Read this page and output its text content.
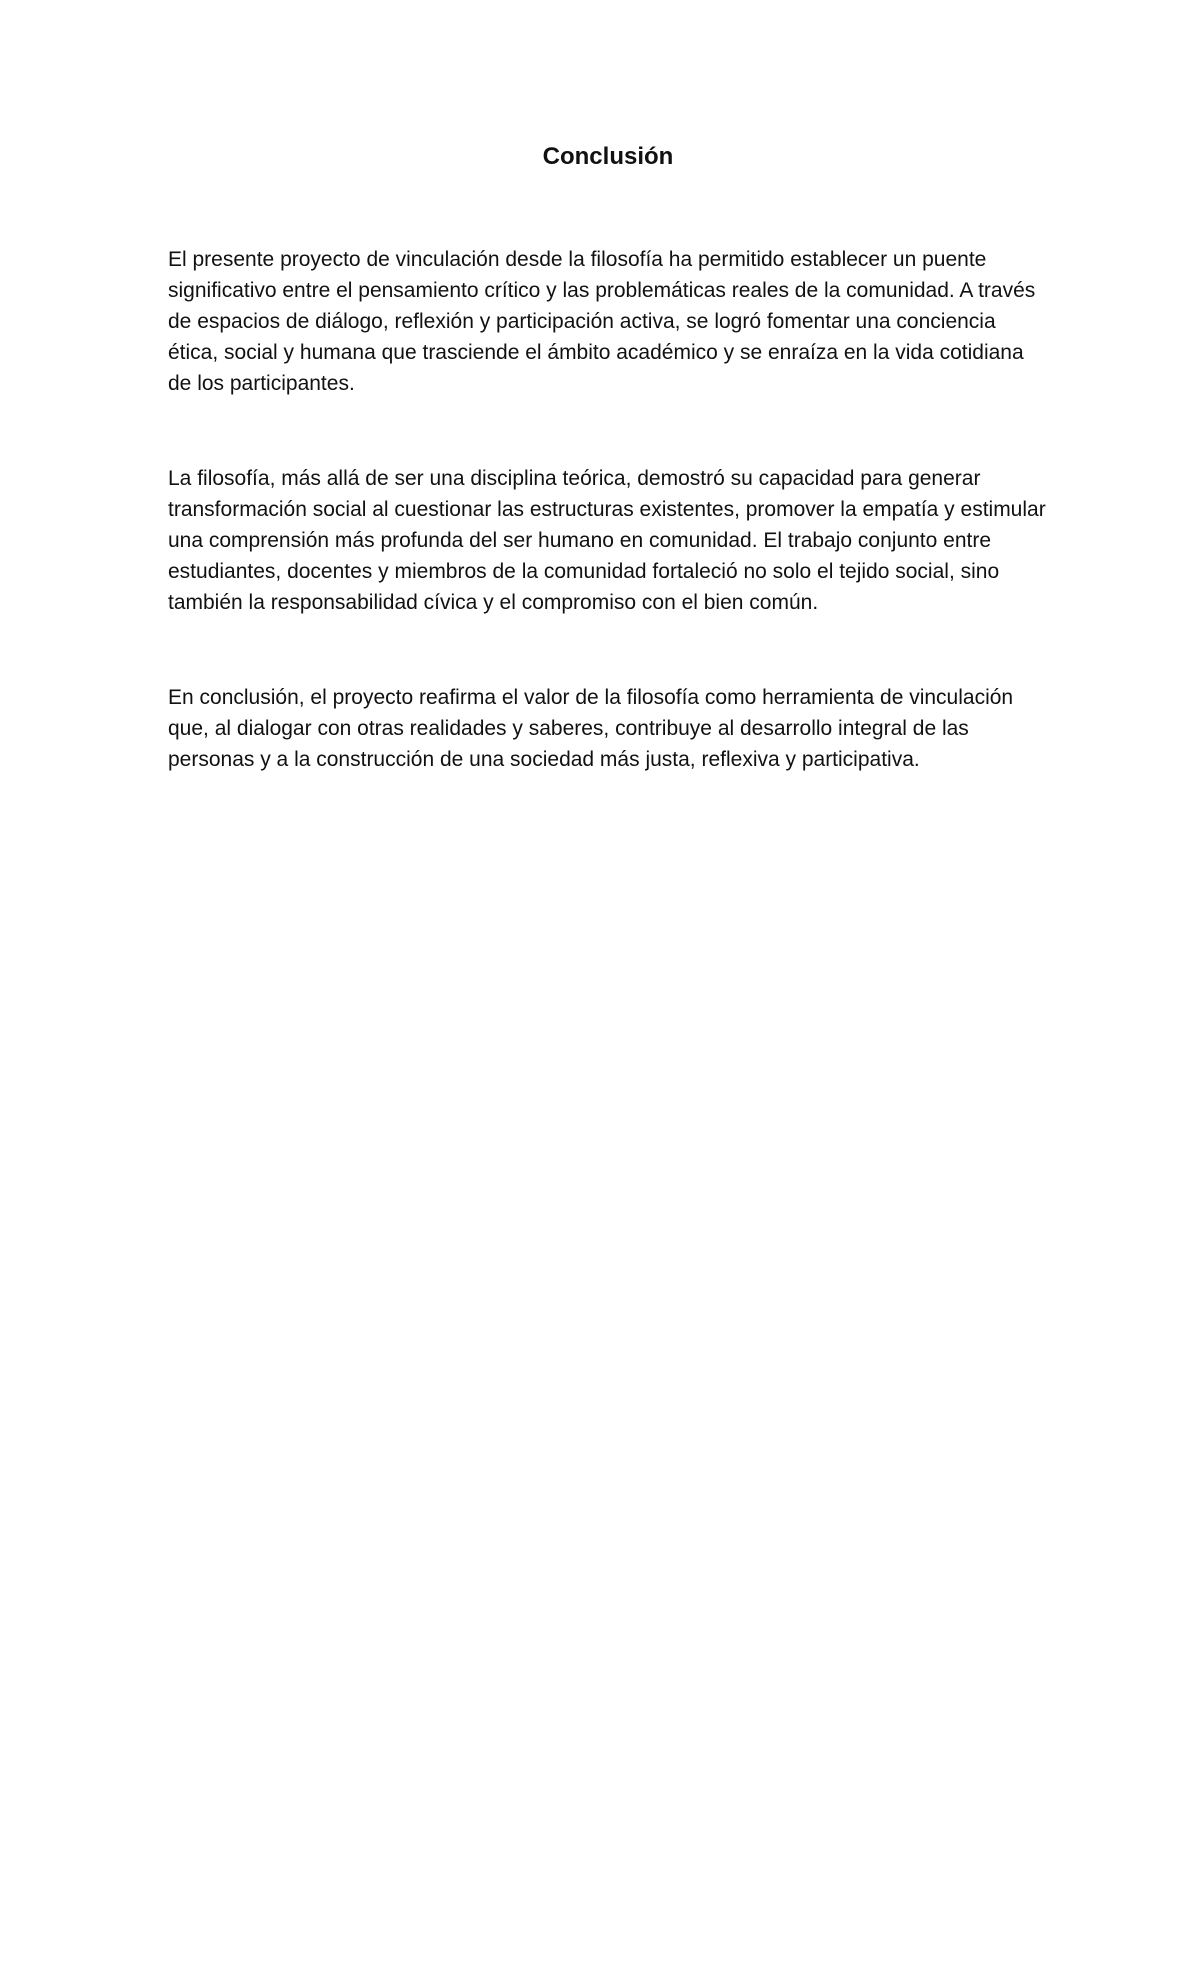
Conclusión

El presente proyecto de vinculación desde la filosofía ha permitido establecer un puente significativo entre el pensamiento crítico y las problemáticas reales de la comunidad. A través de espacios de diálogo, reflexión y participación activa, se logró fomentar una conciencia ética, social y humana que trasciende el ámbito académico y se enraíza en la vida cotidiana de los participantes.

La filosofía, más allá de ser una disciplina teórica, demostró su capacidad para generar transformación social al cuestionar las estructuras existentes, promover la empatía y estimular una comprensión más profunda del ser humano en comunidad. El trabajo conjunto entre estudiantes, docentes y miembros de la comunidad fortaleció no solo el tejido social, sino también la responsabilidad cívica y el compromiso con el bien común.

En conclusión, el proyecto reafirma el valor de la filosofía como herramienta de vinculación que, al dialogar con otras realidades y saberes, contribuye al desarrollo integral de las personas y a la construcción de una sociedad más justa, reflexiva y participativa.
